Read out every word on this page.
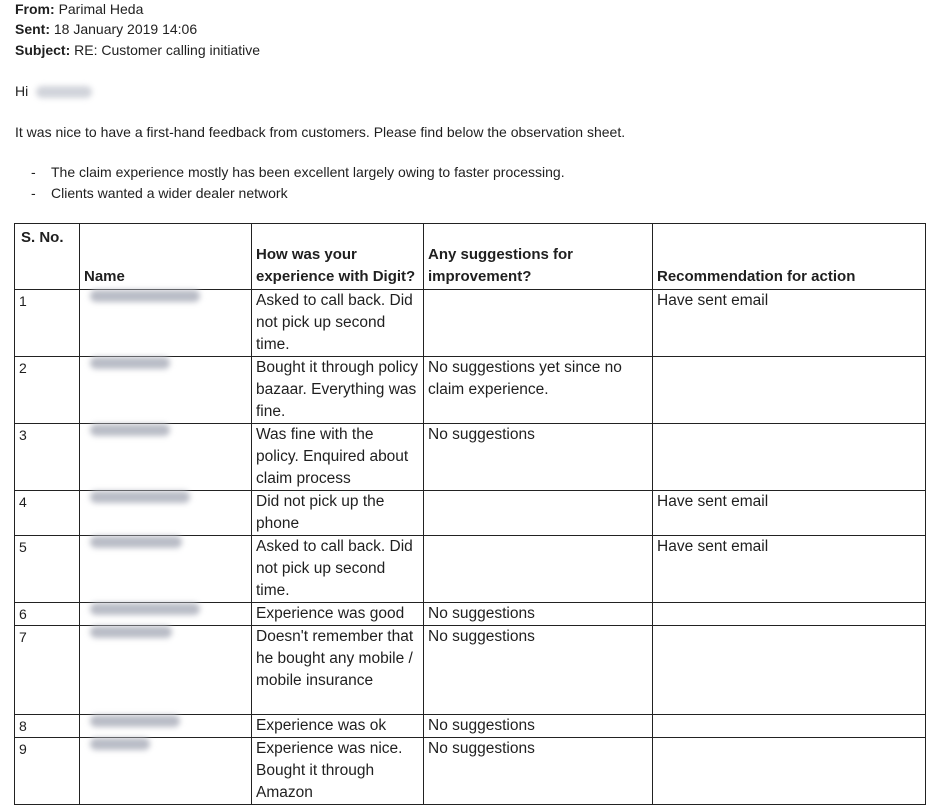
From: Parimal Heda
Sent: 18 January 2019 14:06
Subject: RE: Customer calling initiative
Hi
It was nice to have a first-hand feedback from customers. Please find below the observation sheet.
- The claim experience mostly has been excellent largely owing to faster processing.
- Clients wanted a wider dealer network
S. No.	Name	How was your experience with Digit?	Any suggestions for improvement?	Recommendation for action
1		Asked to call back. Did not pick up second time.		Have sent email
2		Bought it through policy bazaar. Everything was fine.	No suggestions yet since no claim experience.	
3		Was fine with the policy. Enquired about claim process	No suggestions	
4		Did not pick up the phone		Have sent email
5		Asked to call back. Did not pick up second time.		Have sent email
6		Experience was good	No suggestions	
7		Doesn't remember that he bought any mobile / mobile insurance	No suggestions	
8		Experience was ok	No suggestions	
9		Experience was nice. Bought it through Amazon	No suggestions	
